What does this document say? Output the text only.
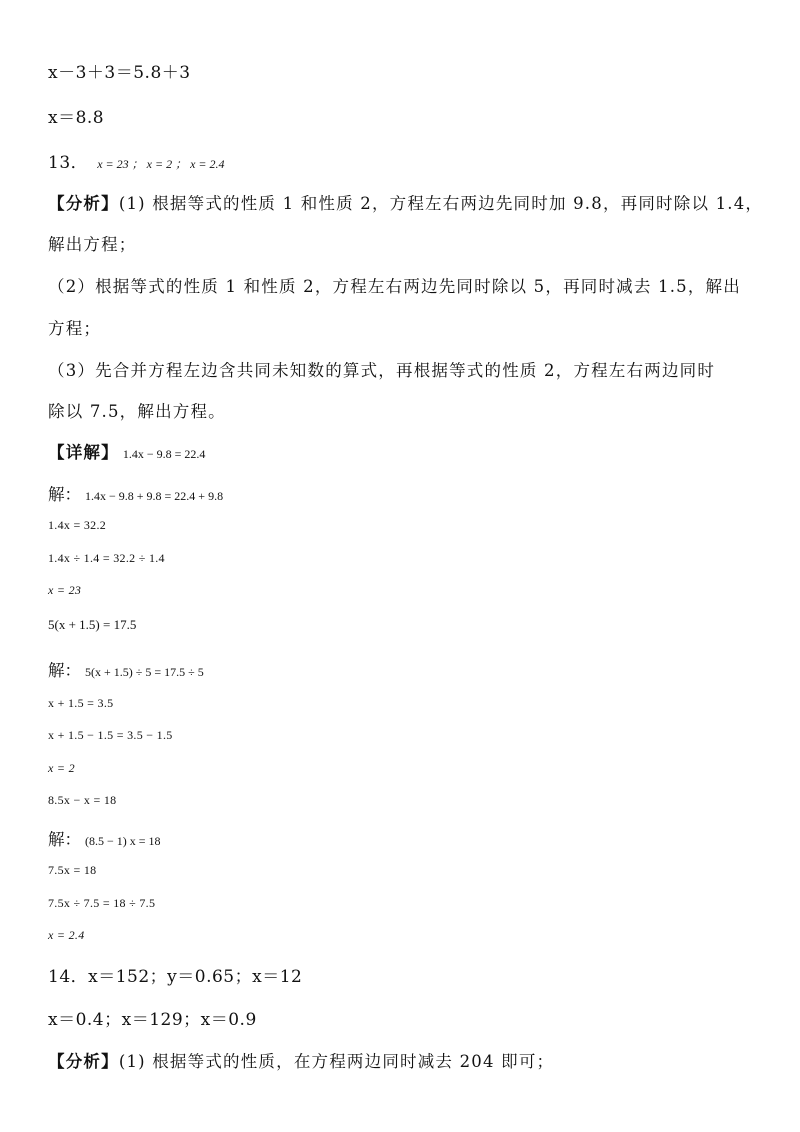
x－3＋3＝5.8＋3
x＝8.8
13． x = 23 ； x = 2 ； x = 2.4
【分析】(1) 根据等式的性质 1 和性质 2，方程左右两边先同时加 9.8，再同时除以 1.4，
解出方程；
（2）根据等式的性质 1 和性质 2，方程左右两边先同时除以 5，再同时减去 1.5，解出
方程；
（3）先合并方程左边含共同未知数的算式，再根据等式的性质 2，方程左右两边同时
除以 7.5，解出方程。
【详解】 1.4x − 9.8 = 22.4
解： 1.4x − 9.8 + 9.8 = 22.4 + 9.8
1.4x = 32.2
1.4x ÷ 1.4 = 32.2 ÷ 1.4
x = 23
5(x + 1.5) = 17.5
解： 5(x + 1.5) ÷ 5 = 17.5 ÷ 5
x + 1.5 = 3.5
x + 1.5 − 1.5 = 3.5 − 1.5
x = 2
8.5x − x = 18
解： (8.5 − 1) x = 18
7.5x = 18
7.5x ÷ 7.5 = 18 ÷ 7.5
x = 2.4
14．x＝152；y＝0.65；x＝12
x＝0.4；x＝129；x＝0.9
【分析】(1) 根据等式的性质，在方程两边同时减去 204 即可；
